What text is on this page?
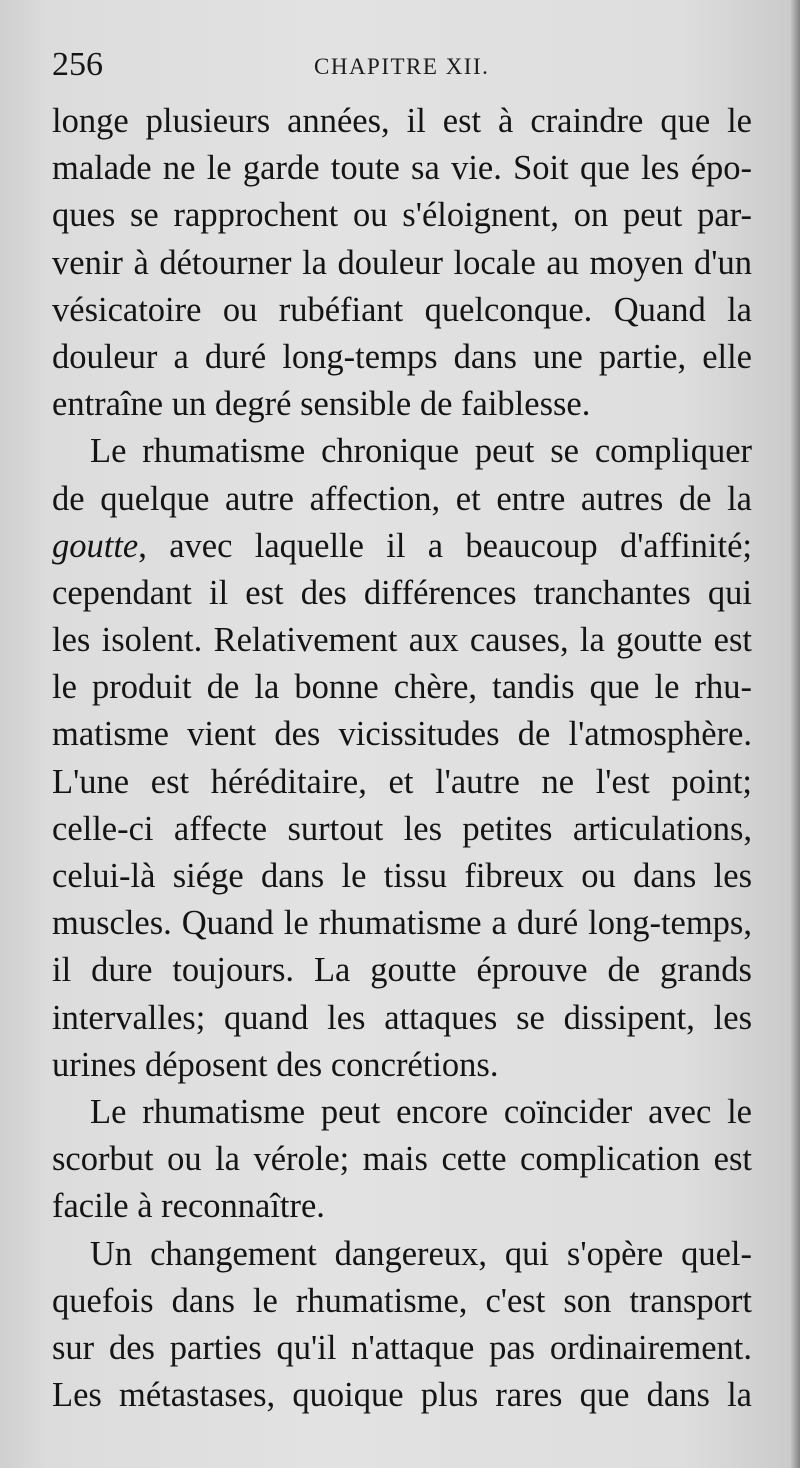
256	CHAPITRE XII.
longe plusieurs années, il est à craindre que le
malade ne le garde toute sa vie. Soit que les épo-
ques se rapprochent ou s'éloignent, on peut par-
venir à détourner la douleur locale au moyen d'un
vésicatoire ou rubéfiant quelconque. Quand la
douleur a duré long-temps dans une partie, elle
entraîne un degré sensible de faiblesse.
Le rhumatisme chronique peut se compliquer
de quelque autre affection, et entre autres de la
goutte, avec laquelle il a beaucoup d'affinité;
cependant il est des différences tranchantes qui
les isolent. Relativement aux causes, la goutte est
le produit de la bonne chère, tandis que le rhu-
matisme vient des vicissitudes de l'atmosphère.
L'une est héréditaire, et l'autre ne l'est point;
celle-ci affecte surtout les petites articulations,
celui-là siége dans le tissu fibreux ou dans les
muscles. Quand le rhumatisme a duré long-temps,
il dure toujours. La goutte éprouve de grands
intervalles; quand les attaques se dissipent, les
urines déposent des concrétions.
Le rhumatisme peut encore coïncider avec le
scorbut ou la vérole; mais cette complication est
facile à reconnaître.
Un changement dangereux, qui s'opère quel-
quefois dans le rhumatisme, c'est son transport
sur des parties qu'il n'attaque pas ordinairement.
Les métastases, quoique plus rares que dans la
